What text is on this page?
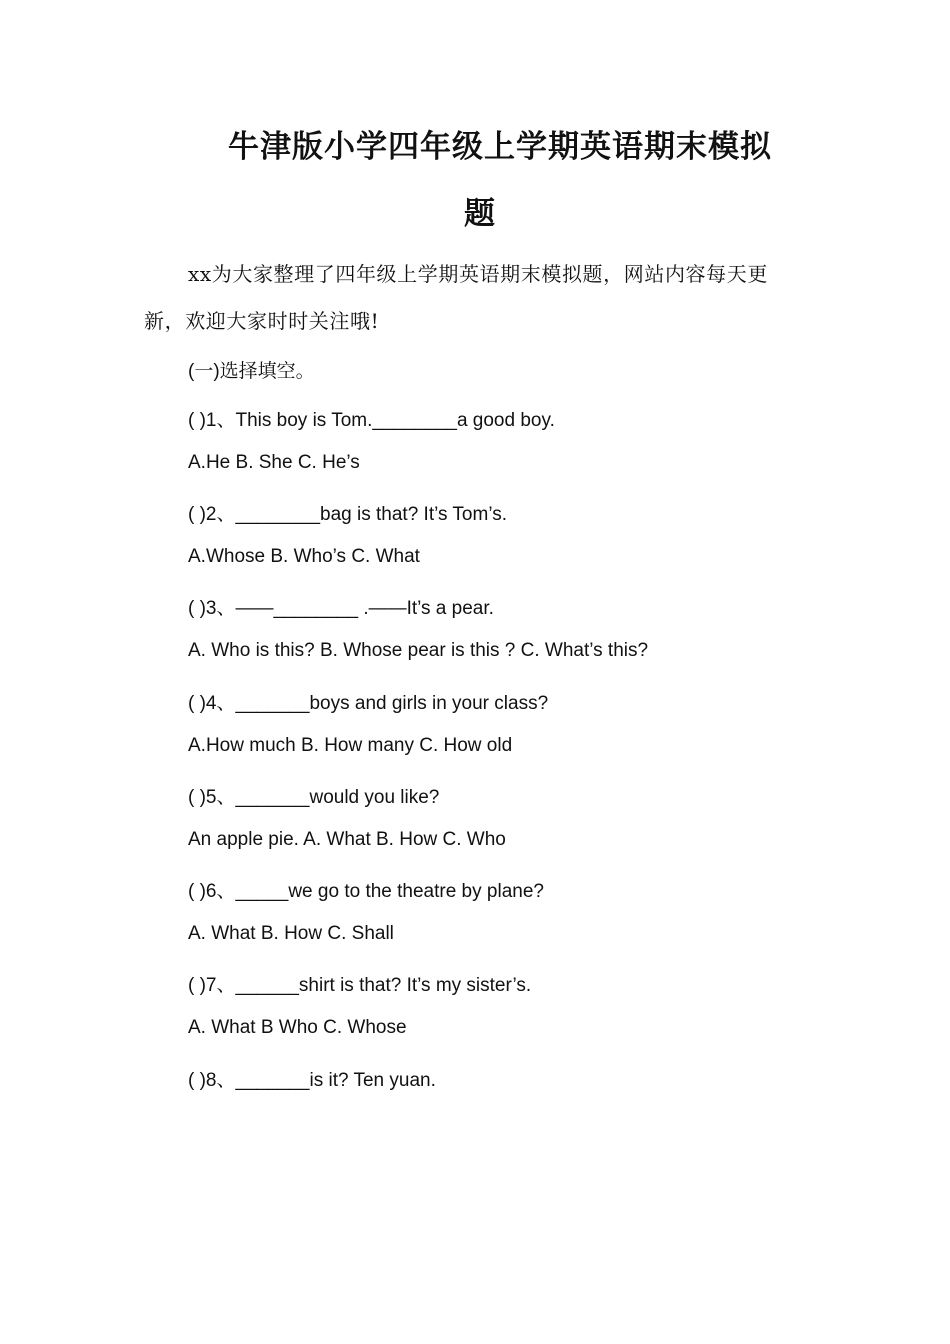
牛津版小学四年级上学期英语期末模拟
题
xx为大家整理了四年级上学期英语期末模拟题，网站内容每天更
新，欢迎大家时时关注哦!
(一)选择填空。
( )1、This boy is Tom.________a good boy.
A.He B. She C. He’s
( )2、________bag is that? It’s Tom’s.
A.Whose B. Who’s C. What
( )3、——________ .——It’s a pear.
A. Who is this? B. Whose pear is this ? C. What’s this?
( )4、_______boys and girls in your class?
A.How much B. How many C. How old
( )5、_______would you like?
An apple pie. A. What B. How C. Who
( )6、_____we go to the theatre by plane?
A. What B. How C. Shall
( )7、______shirt is that? It’s my sister’s.
A. What B Who C. Whose
( )8、_______is it? Ten yuan.
